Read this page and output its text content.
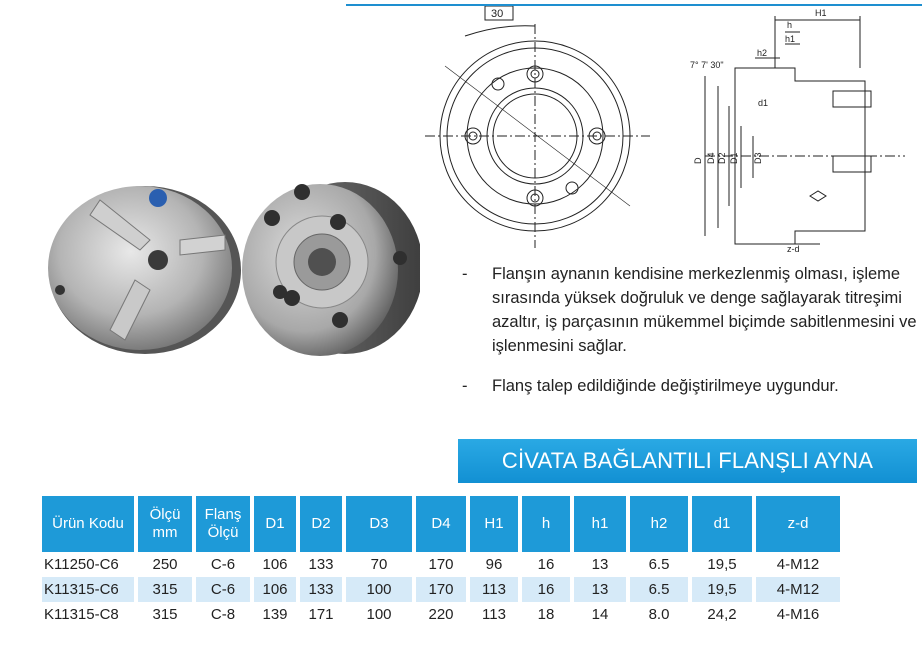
30
7° 7' 30"
H1
h
h1
h2
D D4 D2 D1 D3
d1
z-d
-	Flanşın aynanın kendisine merkezlenmiş olması, işleme sırasında yüksek doğruluk ve denge sağlayarak titreşimi azaltır, iş parçasının mükemmel biçimde sabitlenmesini ve işlenmesini sağlar.
-	Flanş talep edildiğinde değiştirilmeye uygundur.
CİVATA BAĞLANTILI FLANŞLI AYNA
Ürün Kodu	Ölçü mm	Flanş Ölçü	D1	D2	D3	D4	H1	h	h1	h2	d1	z-d
K11250-C6	250	C-6	106	133	70	170	96	16	13	6.5	19,5	4-M12
K11315-C6	315	C-6	106	133	100	170	113	16	13	6.5	19,5	4-M12
K11315-C8	315	C-8	139	171	100	220	113	18	14	8.0	24,2	4-M16
